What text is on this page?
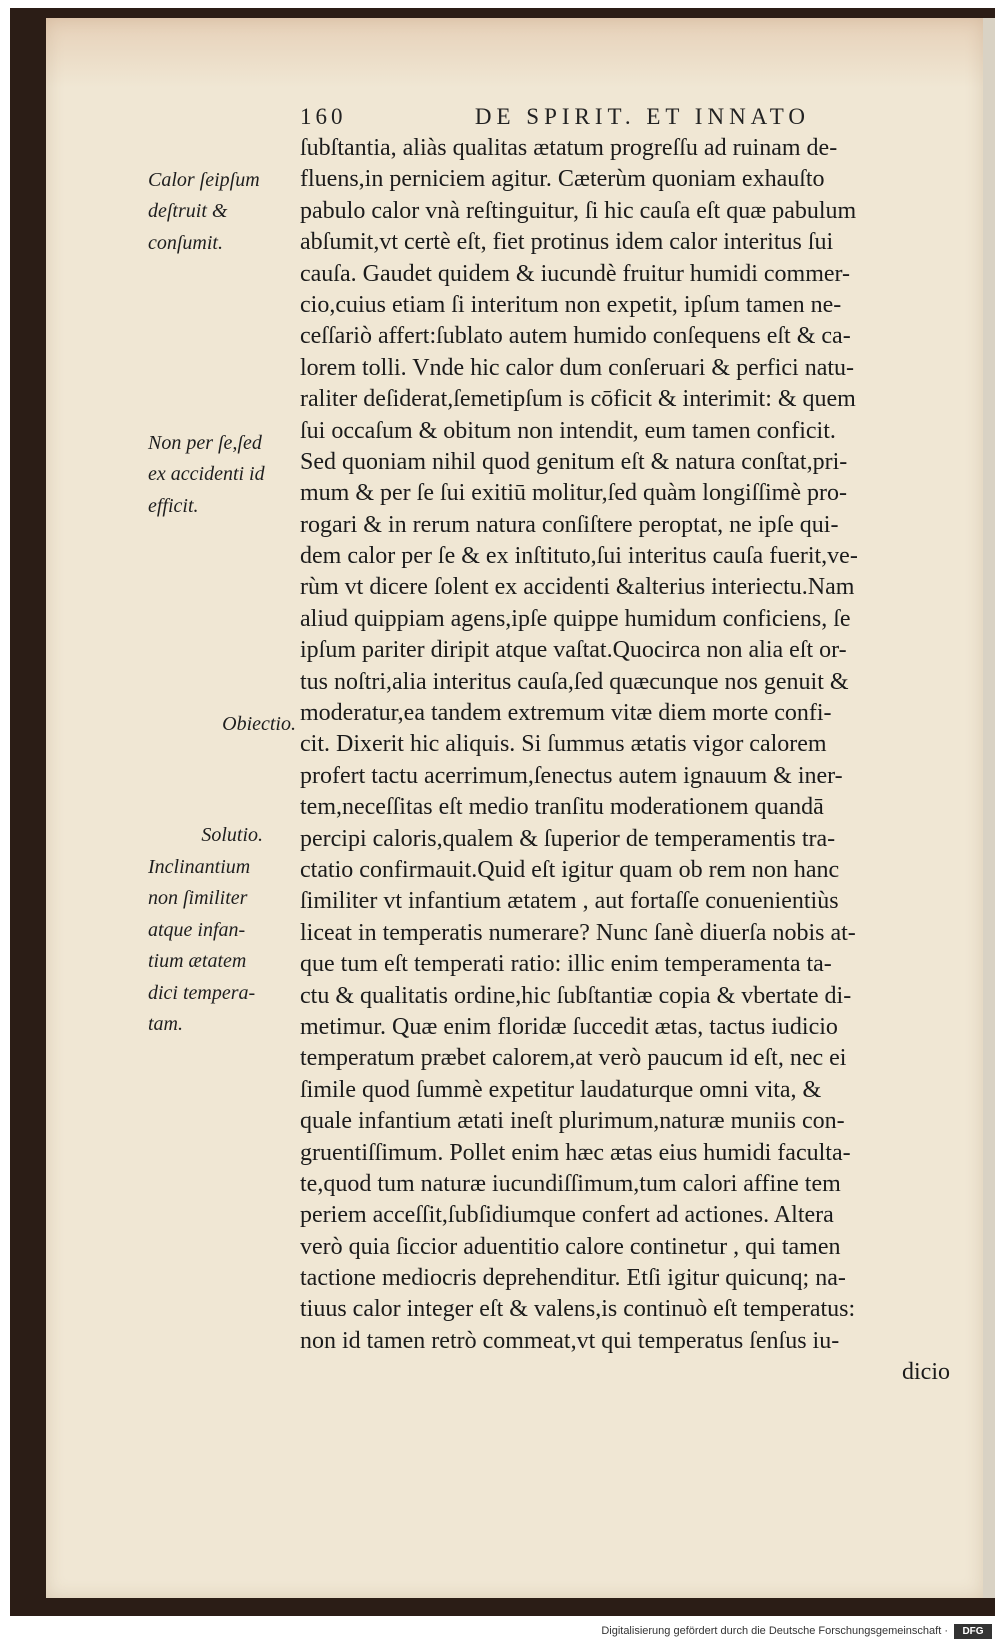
160	DE SPIRIT. ET INNATO
Calor ſeipſum
deſtruit &
conſumit.
Non per ſe,ſed
ex accidenti id
efficit.
Obiectio.
Solutio.
Inclinantium
non ſimiliter
atque infan-
tium ætatem
dici tempera-
tam.
ſubſtantia, aliàs qualitas ætatum progreſſu ad ruinam de-
fluens,in perniciem agitur. Cæterùm quoniam exhauſto
pabulo calor vnà reſtinguitur, ſi hic cauſa eſt quæ pabulum
abſumit,vt certè eſt, fiet protinus idem calor interitus ſui
cauſa. Gaudet quidem & iucundè fruitur humidi commer-
cio,cuius etiam ſi interitum non expetit, ipſum tamen ne-
ceſſariò affert:ſublato autem humido conſequens eſt & ca-
lorem tolli. Vnde hic calor dum conſeruari & perfici natu-
raliter deſiderat,ſemetipſum is cōficit & interimit: & quem
ſui occaſum & obitum non intendit, eum tamen conficit.
Sed quoniam nihil quod genitum eſt & natura conſtat,pri-
mum & per ſe ſui exitiū molitur,ſed quàm longiſſimè pro-
rogari & in rerum natura conſiſtere peroptat, ne ipſe qui-
dem calor per ſe & ex inſtituto,ſui interitus cauſa fuerit,ve-
rùm vt dicere ſolent ex accidenti &alterius interiectu.Nam
aliud quippiam agens,ipſe quippe humidum conficiens, ſe
ipſum pariter diripit atque vaſtat.Quocirca non alia eſt or-
tus noſtri,alia interitus cauſa,ſed quæcunque nos genuit &
moderatur,ea tandem extremum vitæ diem morte confi-
cit. Dixerit hic aliquis. Si ſummus ætatis vigor calorem
profert tactu acerrimum,ſenectus autem ignauum & iner-
tem,neceſſitas eſt medio tranſitu moderationem quandā
percipi caloris,qualem & ſuperior de temperamentis tra-
ctatio confirmauit.Quid eſt igitur quam ob rem non hanc
ſimiliter vt infantium ætatem , aut fortaſſe conuenientiùs
liceat in temperatis numerare? Nunc ſanè diuerſa nobis at-
que tum eſt temperati ratio: illic enim temperamenta ta-
ctu & qualitatis ordine,hic ſubſtantiæ copia & vbertate di-
metimur. Quæ enim floridæ ſuccedit ætas, tactus iudicio
temperatum præbet calorem,at verò paucum id eſt, nec ei
ſimile quod ſummè expetitur laudaturque omni vita, &
quale infantium ætati ineſt plurimum,naturæ muniis con-
gruentiſſimum. Pollet enim hæc ætas eius humidi faculta-
te,quod tum naturæ iucundiſſimum,tum calori affine tem
periem acceſſit,ſubſidiumque confert ad actiones. Altera
verò quia ſiccior aduentitio calore continetur , qui tamen
tactione mediocris deprehenditur. Etſi igitur quicunq; na-
tiuus calor integer eſt & valens,is continuò eſt temperatus:
non id tamen retrò commeat,vt qui temperatus ſenſus iu-
dicio
Digitalisierung gefördert durch die Deutsche Forschungsgemeinschaft ·	DFG
